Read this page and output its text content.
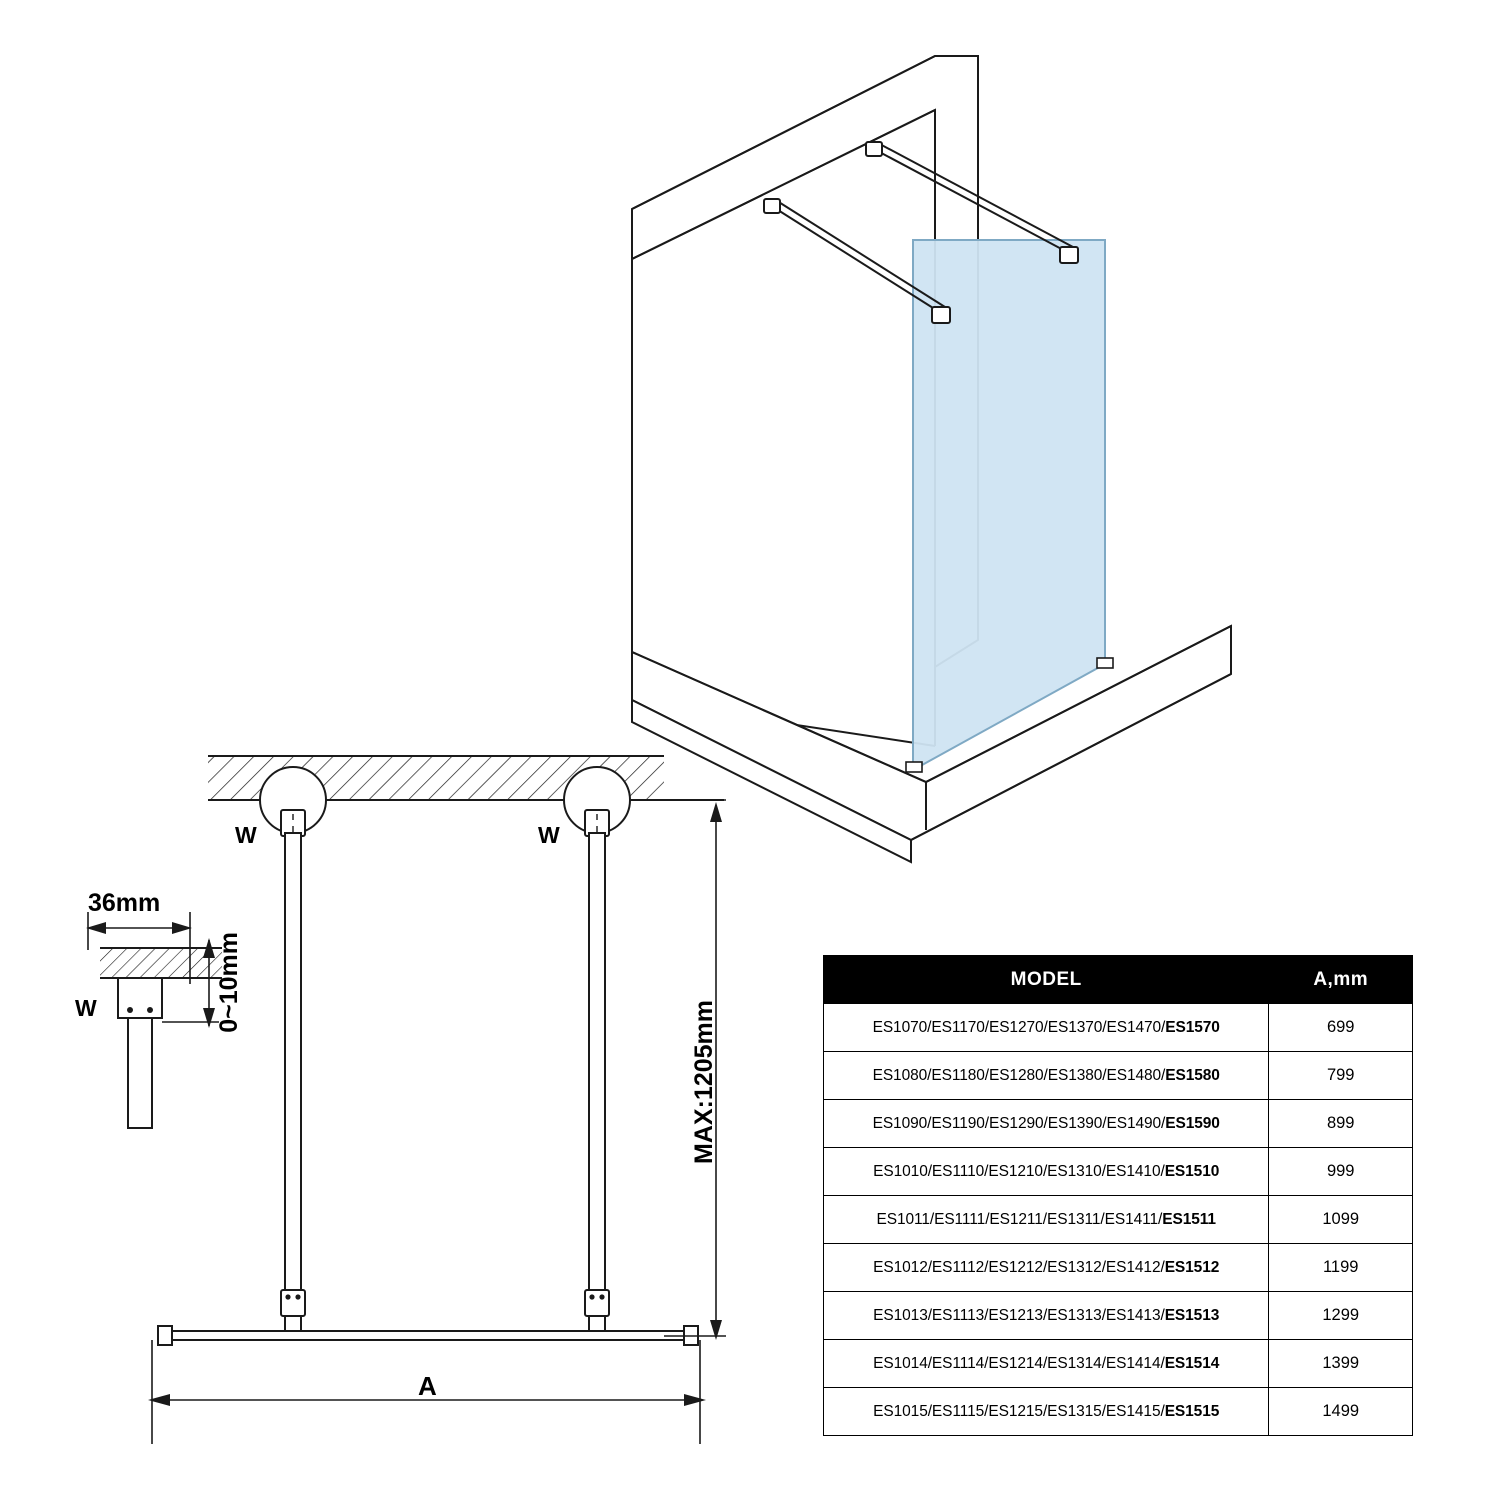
36mm
0~10mm
W
W	W
MAX:1205mm
A
MODEL	A,mm
ES1070/ES1170/ES1270/ES1370/ES1470/ES1570	699
ES1080/ES1180/ES1280/ES1380/ES1480/ES1580	799
ES1090/ES1190/ES1290/ES1390/ES1490/ES1590	899
ES1010/ES1110/ES1210/ES1310/ES1410/ES1510	999
ES1011/ES1111/ES1211/ES1311/ES1411/ES1511	1099
ES1012/ES1112/ES1212/ES1312/ES1412/ES1512	1199
ES1013/ES1113/ES1213/ES1313/ES1413/ES1513	1299
ES1014/ES1114/ES1214/ES1314/ES1414/ES1514	1399
ES1015/ES1115/ES1215/ES1315/ES1415/ES1515	1499
